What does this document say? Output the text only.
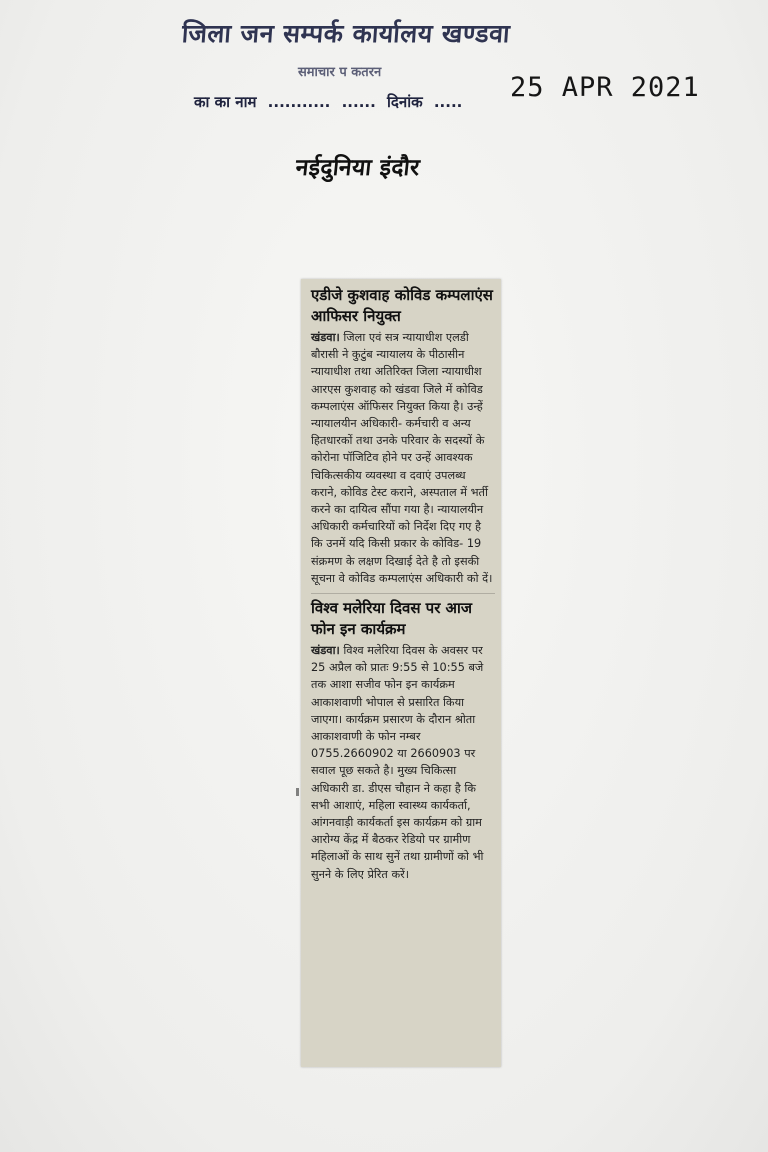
जिला जन सम्पर्क कार्यालय खण्डवा
समाचार प कतरन
का का नाम ........... ...... दिनांक ..... 25 APR 2021
नईदुनिया इंदौर
एडीजे कुशवाह कोविड कम्पलाएंस आफिसर नियुक्त

खंडवा। जिला एवं सत्र न्यायाधीश एलडी बौरासी ने कुटुंब न्यायालय के पीठासीन न्यायाधीश तथा अतिरिक्त जिला न्यायाधीश आरएस कुशवाह को खंडवा जिले में कोविड कम्पलाएंस ऑफिसर नियुक्त किया है। उन्हें न्यायालयीन अधिकारी- कर्मचारी व अन्य हितधारकों तथा उनके परिवार के सदस्यों के कोरोना पॉजिटिव होने पर उन्हें आवश्यक चिकित्सकीय व्यवस्था व दवाएं उपलब्ध कराने, कोविड टेस्ट कराने, अस्पताल में भर्ती करने का दायित्व सौंपा गया है। न्यायालयीन अधिकारी कर्मचारियों को निर्देश दिए गए है कि उनमें यदि किसी प्रकार के कोविड- 19 संक्रमण के लक्षण दिखाई देते है तो इसकी सूचना वे कोविड कम्पलाएंस अधिकारी को दें।

विश्व मलेरिया दिवस पर आज फोन इन कार्यक्रम

खंडवा। विश्व मलेरिया दिवस के अवसर पर 25 अप्रैल को प्रातः 9:55 से 10:55 बजे तक आशा सजीव फोन इन कार्यक्रम आकाशवाणी भोपाल से प्रसारित किया जाएगा। कार्यक्रम प्रसारण के दौरान श्रोता आकाशवाणी के फोन नम्बर 0755.2660902 या 2660903 पर सवाल पूछ सकते है। मुख्य चिकित्सा अधिकारी डा. डीएस चौहान ने कहा है कि सभी आशाएं, महिला स्वास्थ्य कार्यकर्ता, आंगनवाड़ी कार्यकर्ता इस कार्यक्रम को ग्राम आरोग्य केंद्र में बैठकर रेडियो पर ग्रामीण महिलाओं के साथ सुनें तथा ग्रामीणों को भी सुनने के लिए प्रेरित करें।
